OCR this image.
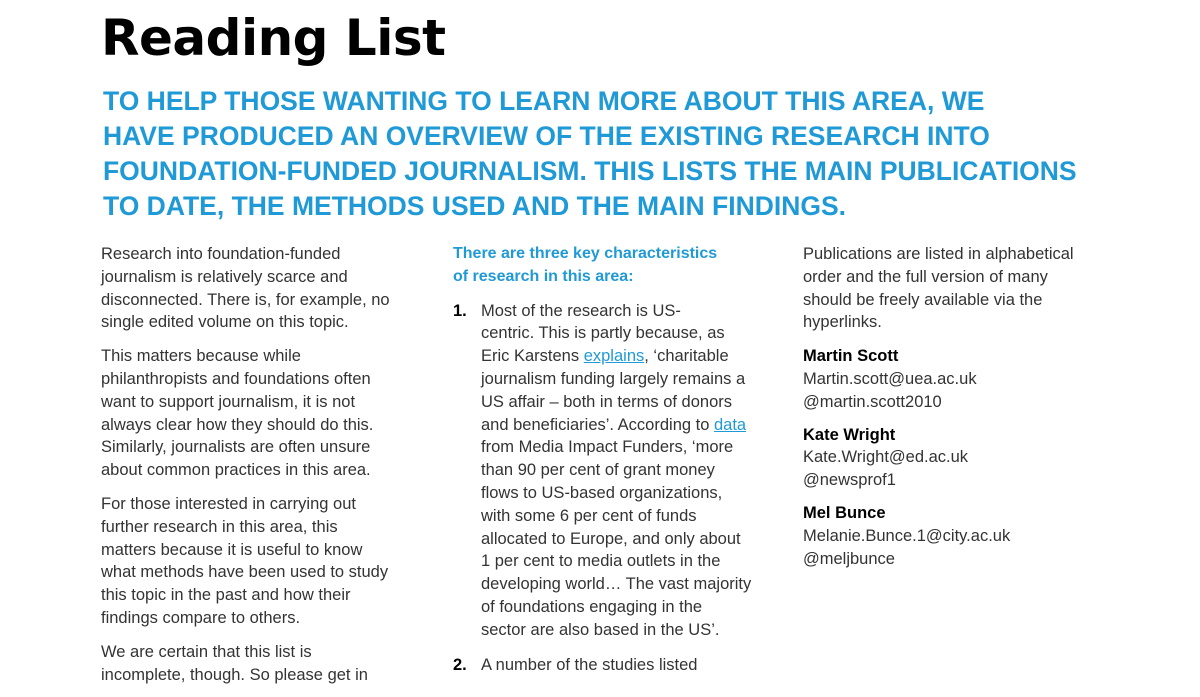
Reading List
TO HELP THOSE WANTING TO LEARN MORE ABOUT THIS AREA, WE
HAVE PRODUCED AN OVERVIEW OF THE EXISTING RESEARCH INTO
FOUNDATION-FUNDED JOURNALISM. THIS LISTS THE MAIN PUBLICATIONS
TO DATE, THE METHODS USED AND THE MAIN FINDINGS.

Research into foundation-funded
journalism is relatively scarce and
disconnected. There is, for example, no
single edited volume on this topic.

This matters because while
philanthropists and foundations often
want to support journalism, it is not
always clear how they should do this.
Similarly, journalists are often unsure
about common practices in this area.

For those interested in carrying out
further research in this area, this
matters because it is useful to know
what methods have been used to study
this topic in the past and how their
findings compare to others.

We are certain that this list is
incomplete, though. So please get in

There are three key characteristics
of research in this area:

1. Most of the research is US-
centric. This is partly because, as
Eric Karstens explains, ‘charitable
journalism funding largely remains a
US affair – both in terms of donors
and beneficiaries’. According to data
from Media Impact Funders, ‘more
than 90 per cent of grant money
flows to US-based organizations,
with some 6 per cent of funds
allocated to Europe, and only about
1 per cent to media outlets in the
developing world… The vast majority
of foundations engaging in the
sector are also based in the US’.
2. A number of the studies listed

Publications are listed in alphabetical
order and the full version of many
should be freely available via the
hyperlinks.

Martin Scott
Martin.scott@uea.ac.uk
@martin.scott2010
Kate Wright
Kate.Wright@ed.ac.uk
@newsprof1
Mel Bunce
Melanie.Bunce.1@city.ac.uk
@meljbunce
